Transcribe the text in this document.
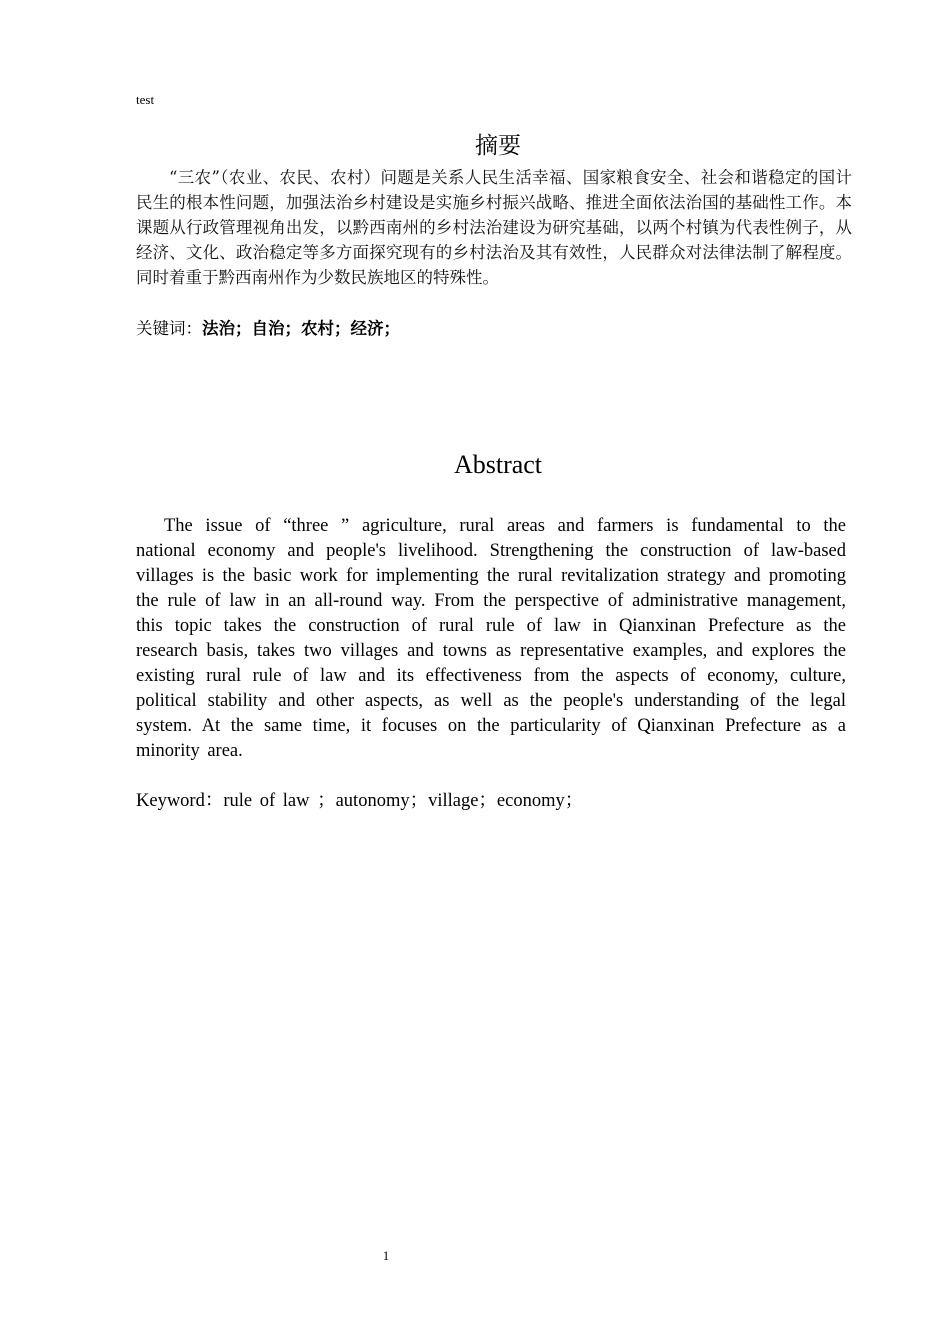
test
摘要
“三农”（农业、农民、农村）问题是关系人民生活幸福、国家粮食安全、社会和谐稳定的国计民生的根本性问题，加强法治乡村建设是实施乡村振兴战略、推进全面依法治国的基础性工作。本课题从行政管理视角出发，以黔西南州的乡村法治建设为研究基础，以两个村镇为代表性例子，从经济、文化、政治稳定等多方面探究现有的乡村法治及其有效性，人民群众对法律法制了解程度。同时着重于黔西南州作为少数民族地区的特殊性。
关键词：法治；自治；农村；经济；
Abstract
The issue of “three ” agriculture, rural areas and farmers is fundamental to the national economy and people's livelihood. Strengthening the construction of law-based villages is the basic work for implementing the rural revitalization strategy and promoting the rule of law in an all-round way. From the perspective of administrative management, this topic takes the construction of rural rule of law in Qianxinan Prefecture as the research basis, takes two villages and towns as representative examples, and explores the existing rural rule of law and its effectiveness from the aspects of economy, culture, political stability and other aspects, as well as the people's understanding of the legal system. At the same time, it focuses on the particularity of Qianxinan Prefecture as a minority area.
Keyword：rule of law ；autonomy；village；economy；
1
